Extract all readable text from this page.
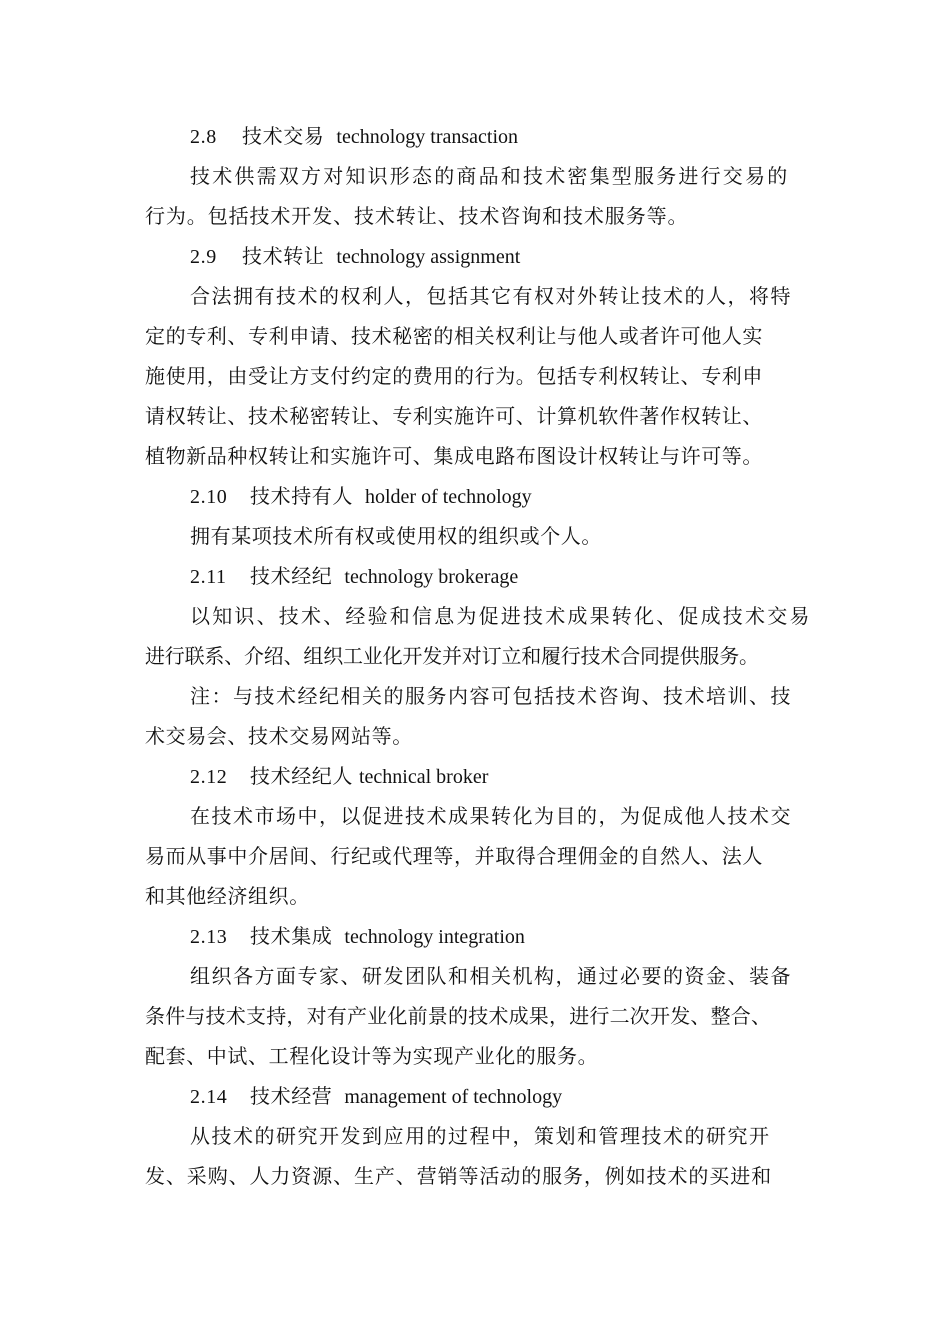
2.8 技术交易 technology transaction
技术供需双方对知识形态的商品和技术密集型服务进行交易的
行为。包括技术开发、技术转让、技术咨询和技术服务等。
2.9 技术转让 technology assignment
合法拥有技术的权利人，包括其它有权对外转让技术的人，将特
定的专利、专利申请、技术秘密的相关权利让与他人或者许可他人实
施使用，由受让方支付约定的费用的行为。包括专利权转让、专利申
请权转让、技术秘密转让、专利实施许可、计算机软件著作权转让、
植物新品种权转让和实施许可、集成电路布图设计权转让与许可等。
2.10 技术持有人 holder of technology
拥有某项技术所有权或使用权的组织或个人。
2.11 技术经纪 technology brokerage
以知识、技术、经验和信息为促进技术成果转化、促成技术交易
进行联系、介绍、组织工业化开发并对订立和履行技术合同提供服务。
注：与技术经纪相关的服务内容可包括技术咨询、技术培训、技
术交易会、技术交易网站等。
2.12 技术经纪人 technical broker
在技术市场中，以促进技术成果转化为目的，为促成他人技术交
易而从事中介居间、行纪或代理等，并取得合理佣金的自然人、法人
和其他经济组织。
2.13 技术集成 technology integration
组织各方面专家、研发团队和相关机构，通过必要的资金、装备
条件与技术支持，对有产业化前景的技术成果，进行二次开发、整合、
配套、中试、工程化设计等为实现产业化的服务。
2.14 技术经营 management of technology
从技术的研究开发到应用的过程中，策划和管理技术的研究开
发、采购、人力资源、生产、营销等活动的服务，例如技术的买进和
